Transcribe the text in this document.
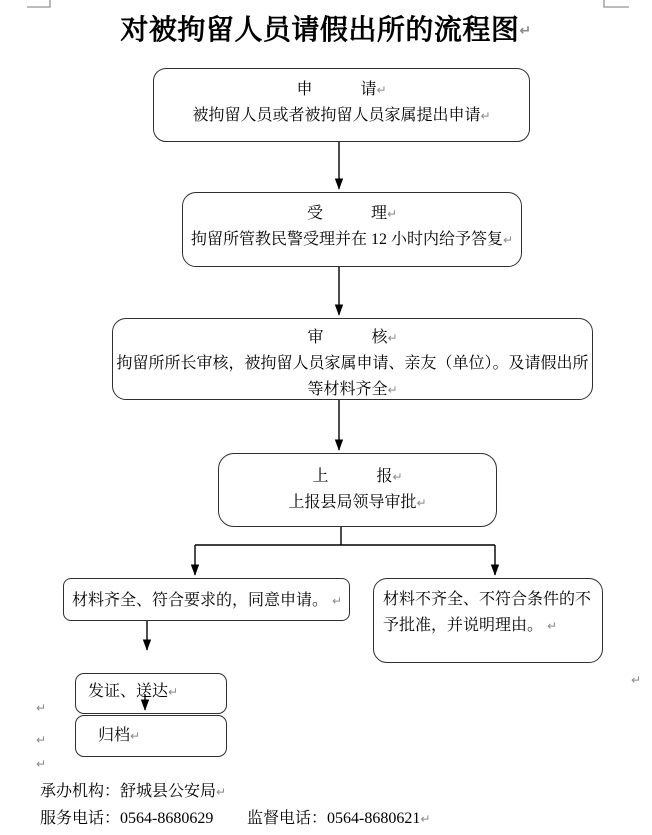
对被拘留人员请假出所的流程图↵
申　　　请↵
被拘留人员或者被拘留人员家属提出申请↵
受　　　理↵
拘留所管教民警受理并在 12 小时内给予答复↵
审　　　核↵
拘留所所长审核，被拘留人员家属申请、亲友（单位）。及请假出所等材料齐全↵
上　　　报↵
上报县局领导审批↵
材料齐全、符合要求的，同意申请。 ↵	材料不齐全、不符合条件的不予批准，并说明理由。 ↵
发证、送达↵
归档↵
↵
↵
↵
↵
承办机构：舒城县公安局↵
服务电话：0564-8680629 监督电话：0564-8680621↵
